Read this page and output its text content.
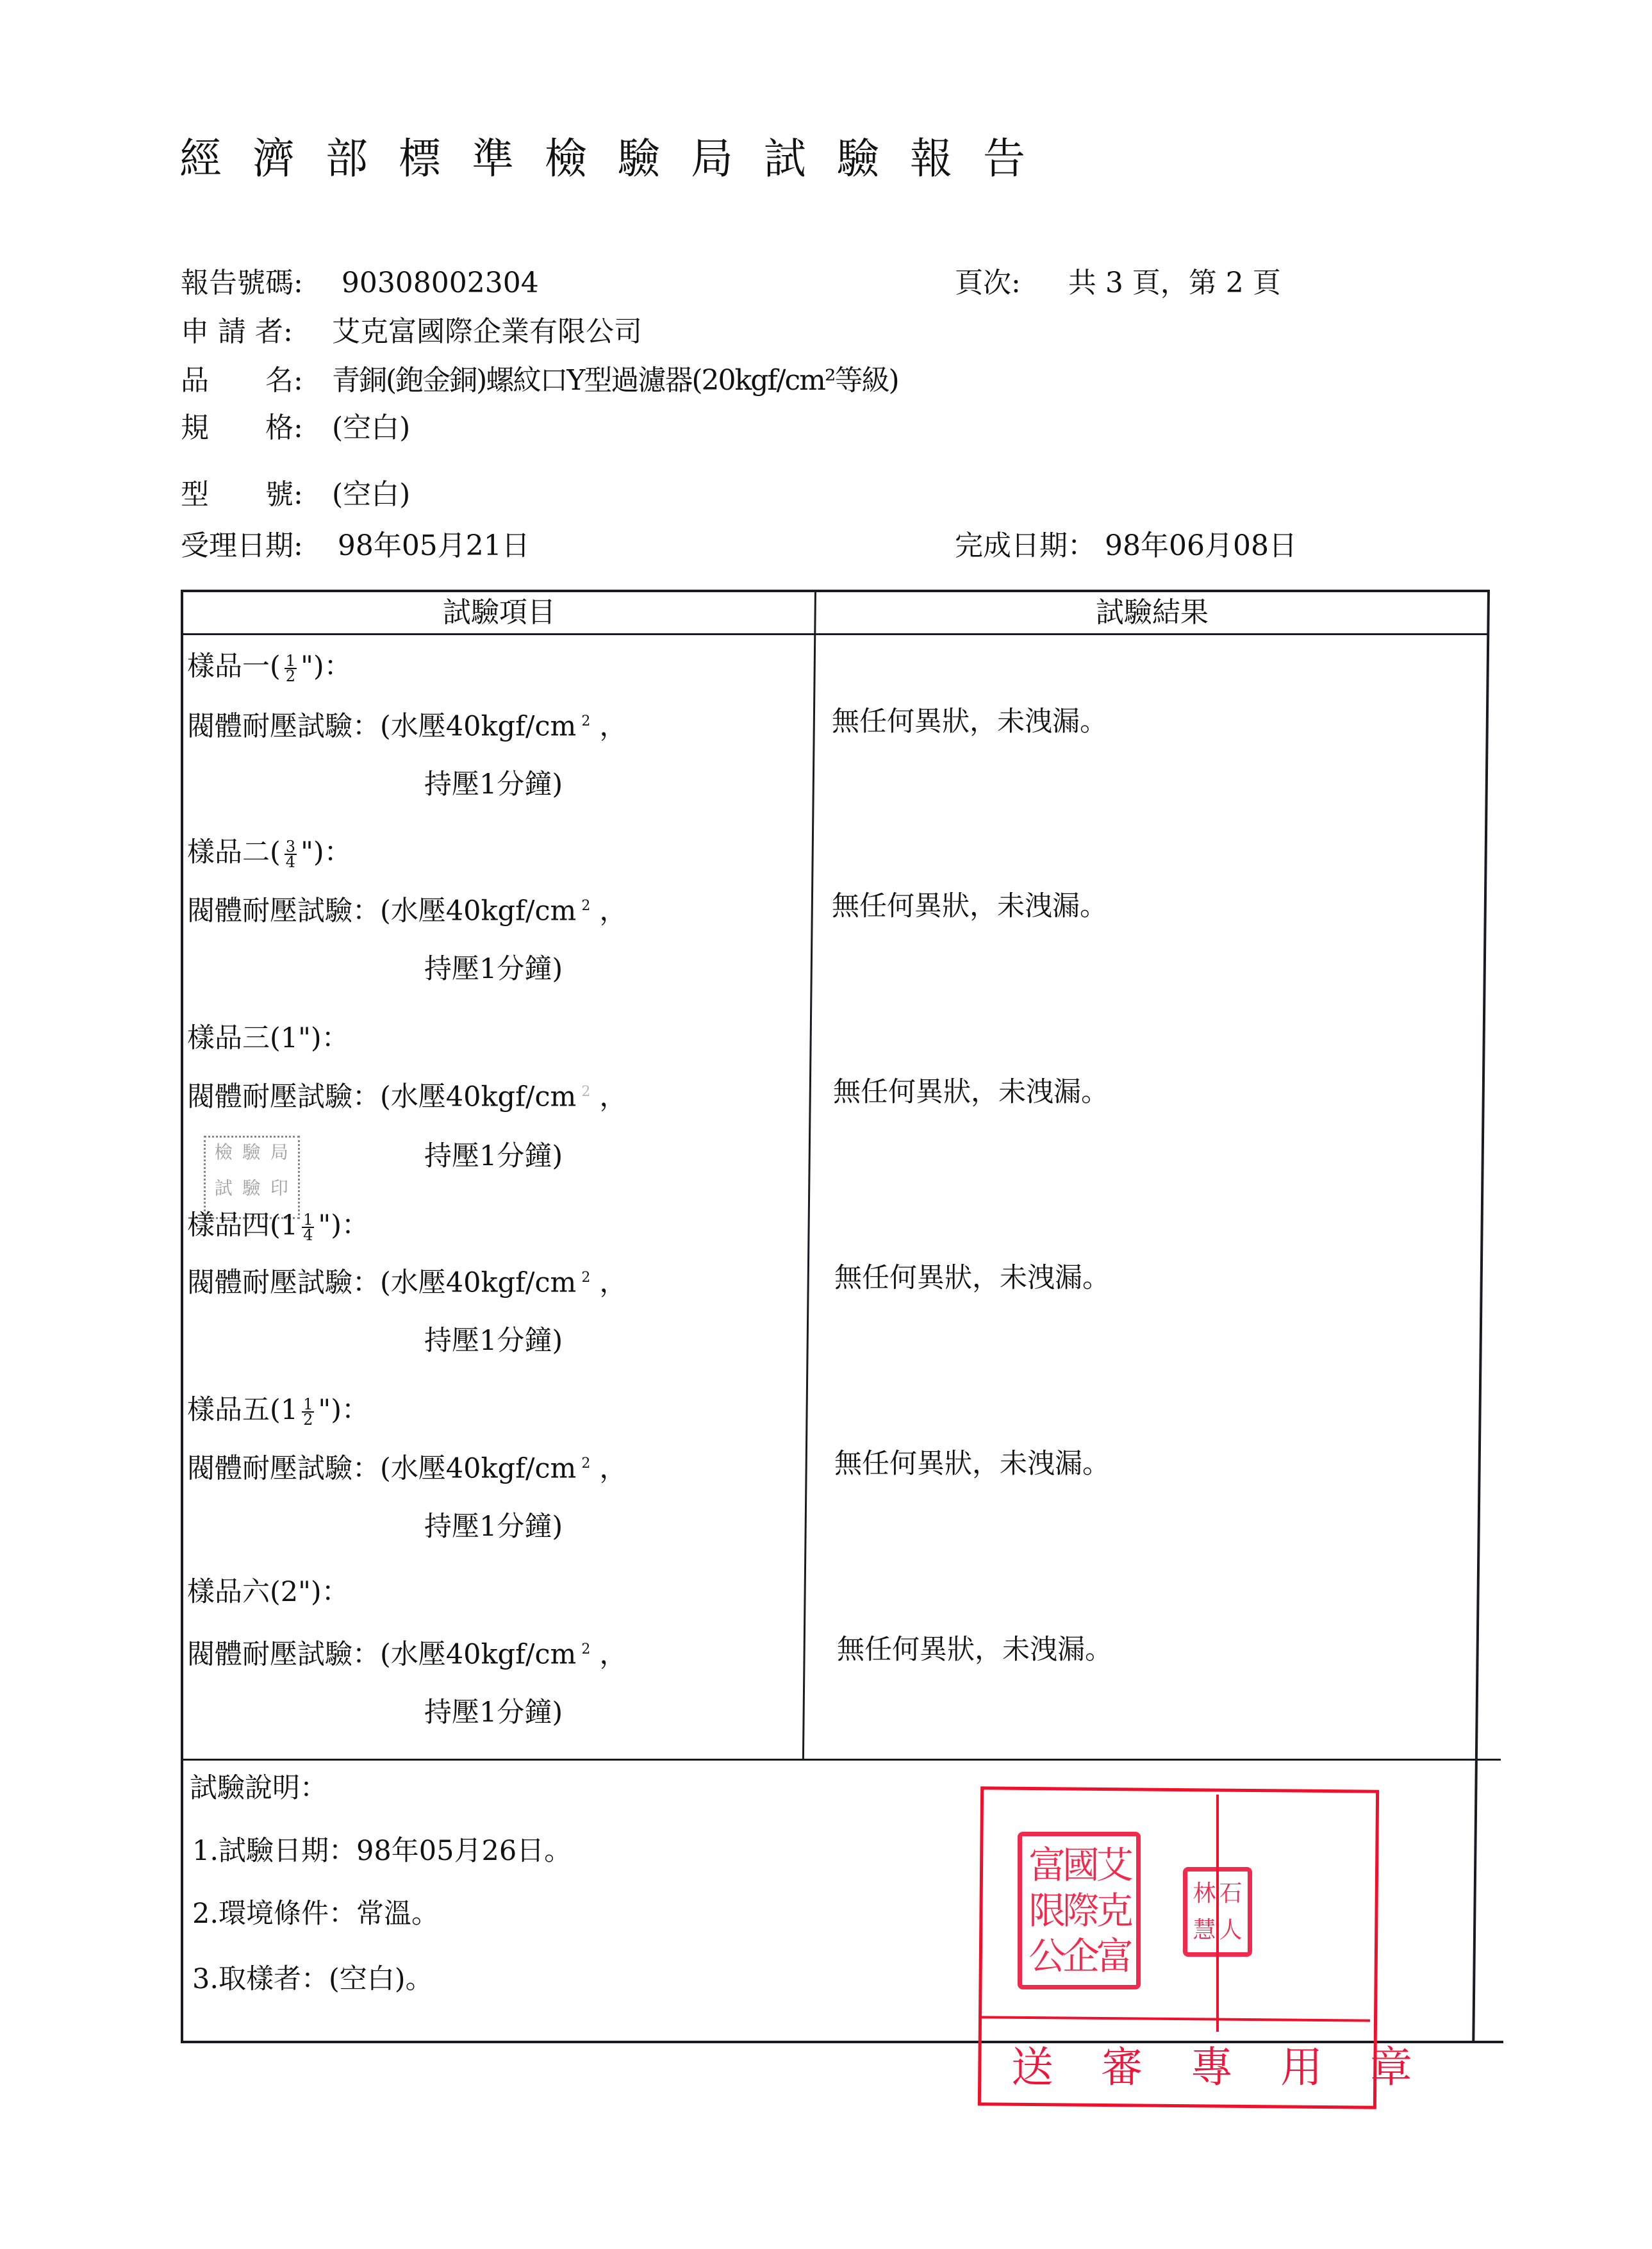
經濟部標準檢驗局試驗報告
報告號碼: 90308002304	頁次: 共 3 頁，第 2 頁
申 請 者: 艾克富國際企業有限公司
品　　名: 青銅(鉋金銅)螺紋口Y型過濾器(20kgf/cm²等級)
規　　格: (空白)
型　　號: (空白)
受理日期: 98年05月21日	完成日期： 98年06月08日
試驗項目	試驗結果
樣品一( $\frac{1}{2}$ ")：
閥體耐壓試驗：(水壓40kgf/cm $^2$ ，
持壓1分鐘)
無任何異狀，未洩漏。
樣品二( $\frac{3}{4}$ ")：
閥體耐壓試驗：(水壓40kgf/cm $^2$ ，
持壓1分鐘)
無任何異狀，未洩漏。
樣品三(1")：
閥體耐壓試驗：(水壓40kgf/cm $^2$ ，
持壓1分鐘)
無任何異狀，未洩漏。
檢 驗 局
試 驗 印
樣品四($1 \frac{1}{4}$ ")：
閥體耐壓試驗：(水壓40kgf/cm $^2$ ，
持壓1分鐘)
無任何異狀，未洩漏。
樣品五($1 \frac{1}{2}$ ")：
閥體耐壓試驗：(水壓40kgf/cm $^2$ ，
持壓1分鐘)
無任何異狀，未洩漏。
樣品六(2")：
閥體耐壓試驗：(水壓40kgf/cm $^2$ ，
持壓1分鐘)
無任何異狀，未洩漏。
試驗說明：
1.試驗日期：98年05月26日。
2.環境條件：常溫。
3.取樣者：(空白)。
富
國
艾
限
際
克
公
企
富
林 石
慧 人
送審專用章
